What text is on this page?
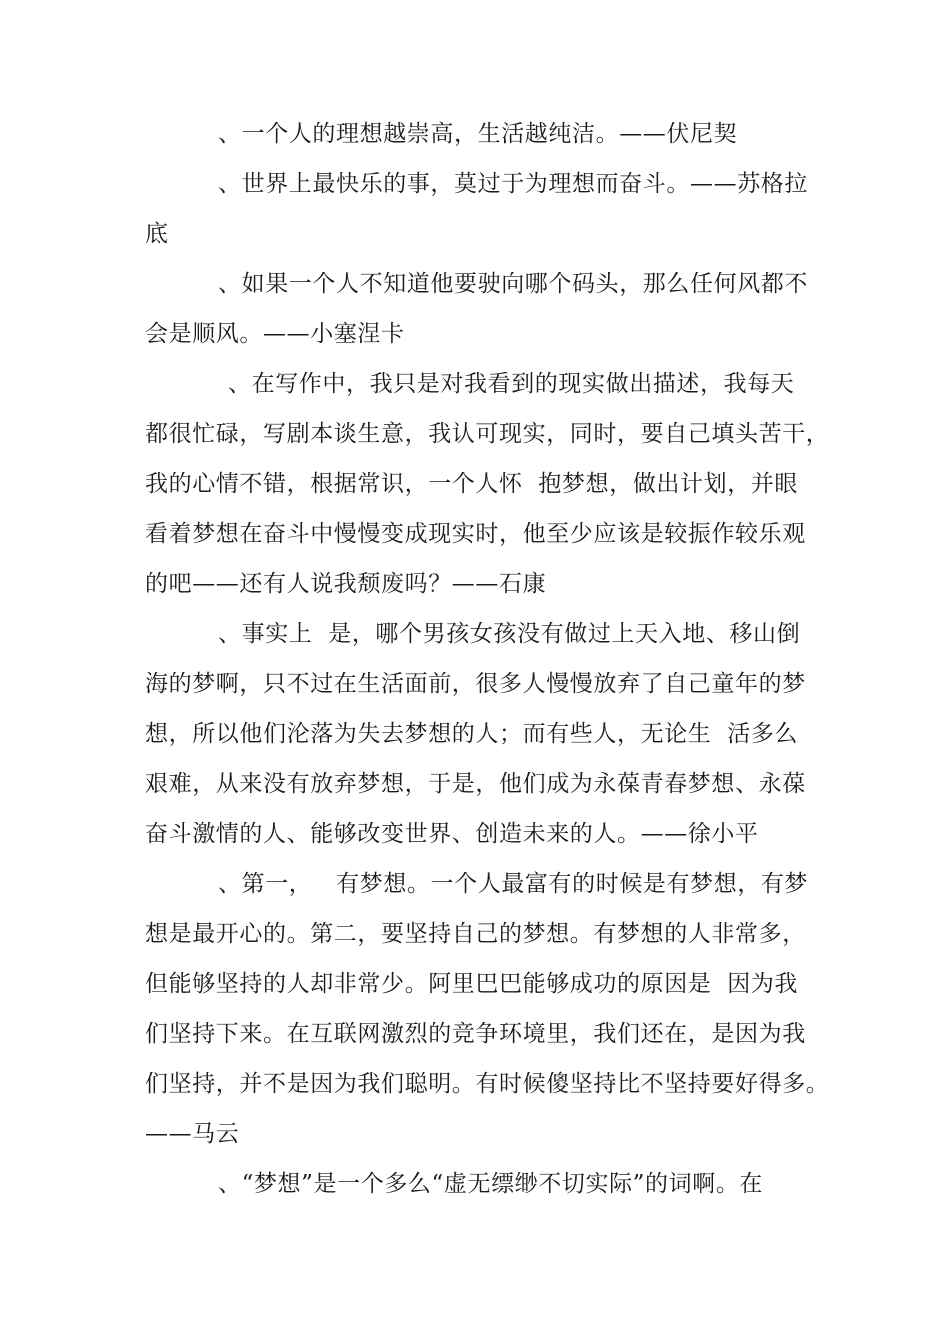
、一个人的理想越崇高，生活越纯洁。——伏尼契
、世界上最快乐的事，莫过于为理想而奋斗。——苏格拉
底
、如果一个人不知道他要驶向哪个码头，那么任何风都不
会是顺风。——小塞涅卡
、在写作中，我只是对我看到的现实做出描述，我每天
都很忙碌，写剧本谈生意，我认可现实，同时，要自己填头苦干，
我的心情不错，根据常识，一个人怀  抱梦想，做出计划，并眼
看着梦想在奋斗中慢慢变成现实时，他至少应该是较振作较乐观
的吧——还有人说我颓废吗？——石康
、事实上  是，哪个男孩女孩没有做过上天入地、移山倒
海的梦啊，只不过在生活面前，很多人慢慢放弃了自己童年的梦
想，所以他们沦落为失去梦想的人；而有些人，无论生  活多么
艰难，从来没有放弃梦想，于是，他们成为永葆青春梦想、永葆
奋斗激情的人、能够改变世界、创造未来的人。——徐小平
、第一，   有梦想。一个人最富有的时候是有梦想，有梦
想是最开心的。第二，要坚持自己的梦想。有梦想的人非常多，
但能够坚持的人却非常少。阿里巴巴能够成功的原因是  因为我
们坚持下来。在互联网激烈的竞争环境里，我们还在，是因为我
们坚持，并不是因为我们聪明。有时候傻坚持比不坚持要好得多。
——马云
、“梦想”是一个多么“虚无缥缈不切实际”的词啊。在
